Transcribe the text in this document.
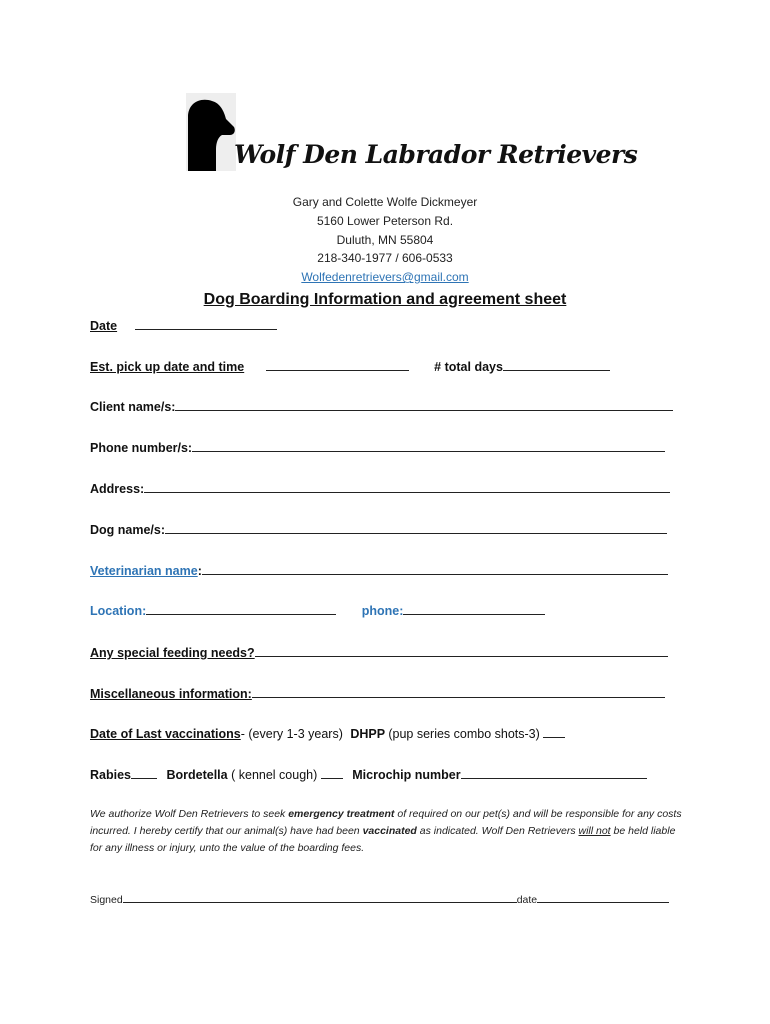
Wolf Den Labrador Retrievers
Gary and Colette Wolfe Dickmeyer
5160 Lower Peterson Rd.
Duluth, MN 55804
218-340-1977 / 606-0533
Wolfedenretrievers@gmail.com
Dog Boarding Information and agreement sheet
Date
Est. pick up date and time	# total days
Client name/s:
Phone number/s:
Address:
Dog name/s:
Veterinarian name:
Location:	phone:
Any special feeding needs?
Miscellaneous information:
Date of Last vaccinations- (every 1-3 years) DHPP (pup series combo shots-3)
Rabies	Bordetella ( kennel cough)	Microchip number
We authorize Wolf Den Retrievers to seek emergency treatment of required on our pet(s) and will be responsible for any costs incurred. I hereby certify that our animal(s) have had been vaccinated as indicated. Wolf Den Retrievers will not be held liable for any illness or injury, unto the value of the boarding fees.
Signed	date
